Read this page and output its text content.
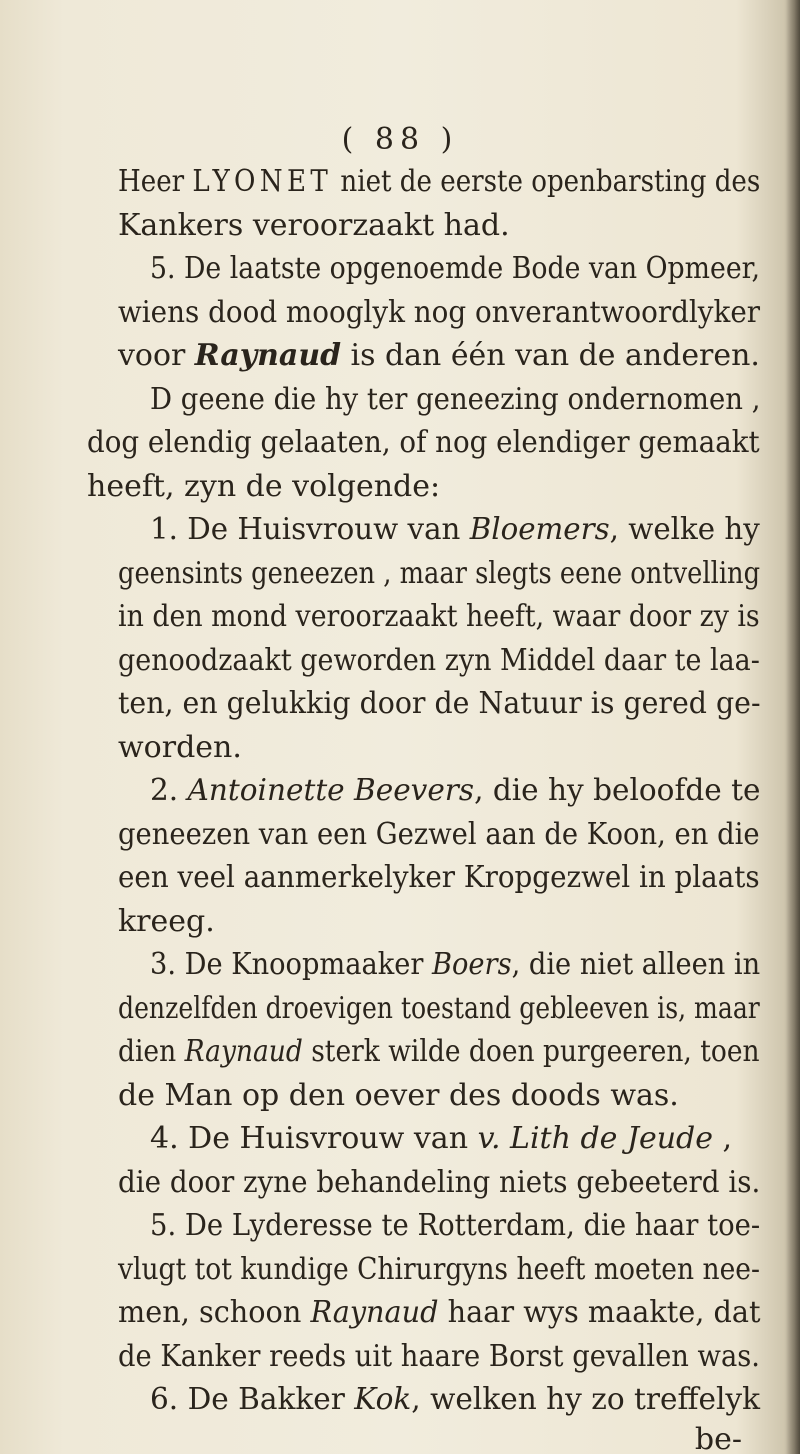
( 88 )
Heer LYONET niet de eerste openbarsting des
Kankers veroorzaakt had.
5. De laatste opgenoemde Bode van Opmeer,
wiens dood mooglyk nog onverantwoordlyker
voor Raynaud is dan één van de anderen.
D geene die hy ter geneezing ondernomen ,
dog elendig gelaaten, of nog elendiger gemaakt
heeft, zyn de volgende:
1. De Huisvrouw van Bloemers, welke hy
geensints geneezen , maar slegts eene ontvelling
in den mond veroorzaakt heeft, waar door zy is
genoodzaakt geworden zyn Middel daar te laa-
ten, en gelukkig door de Natuur is gered ge-
worden.
2. Antoinette Beevers, die hy beloofde te
geneezen van een Gezwel aan de Koon, en die
een veel aanmerkelyker Kropgezwel in plaats
kreeg.
3. De Knoopmaaker Boers, die niet alleen in
denzelfden droevigen toestand gebleeven is, maar
dien Raynaud sterk wilde doen purgeeren, toen
de Man op den oever des doods was.
4. De Huisvrouw van v. Lith de Jeude ,
die door zyne behandeling niets gebeeterd is.
5. De Lyderesse te Rotterdam, die haar toe-
vlugt tot kundige Chirurgyns heeft moeten nee-
men, schoon Raynaud haar wys maakte, dat
de Kanker reeds uit haare Borst gevallen was.
6. De Bakker Kok, welken hy zo treffelyk
be-
